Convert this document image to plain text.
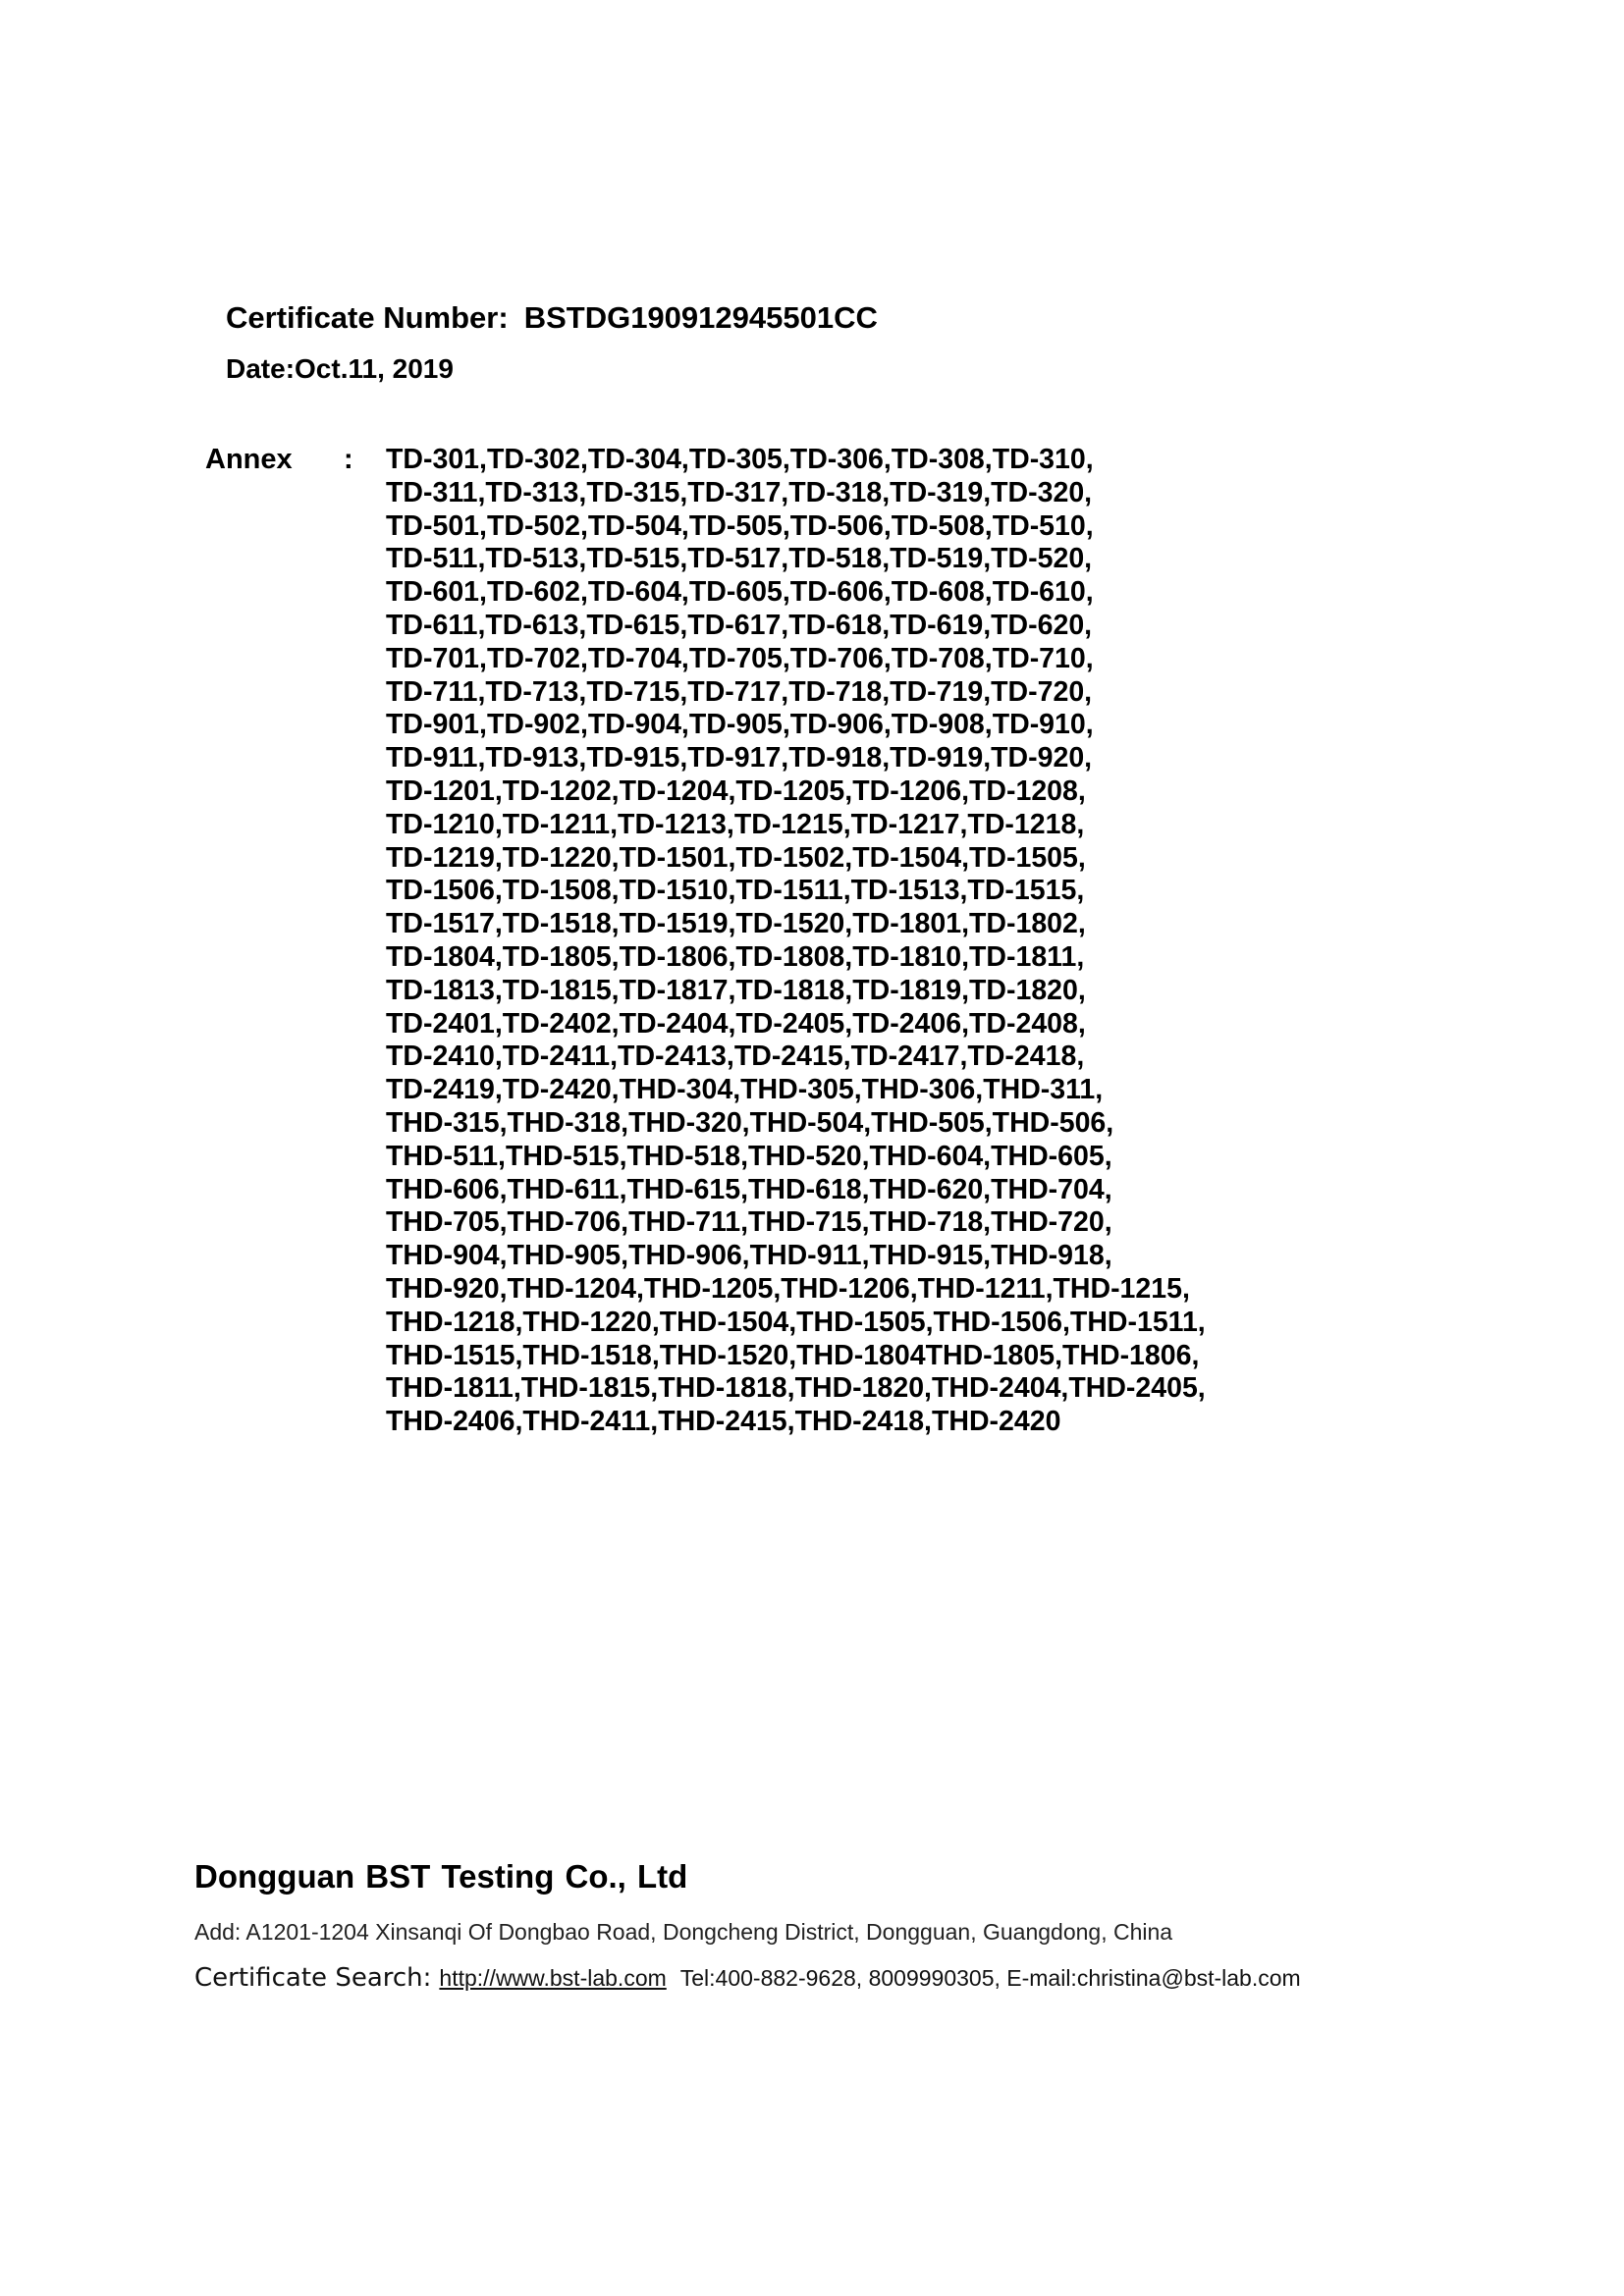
Certificate Number: BSTDG190912945501CC
Date:Oct.11, 2019
Annex : TD-301,TD-302,TD-304,TD-305,TD-306,TD-308,TD-310,
TD-311,TD-313,TD-315,TD-317,TD-318,TD-319,TD-320,
TD-501,TD-502,TD-504,TD-505,TD-506,TD-508,TD-510,
TD-511,TD-513,TD-515,TD-517,TD-518,TD-519,TD-520,
TD-601,TD-602,TD-604,TD-605,TD-606,TD-608,TD-610,
TD-611,TD-613,TD-615,TD-617,TD-618,TD-619,TD-620,
TD-701,TD-702,TD-704,TD-705,TD-706,TD-708,TD-710,
TD-711,TD-713,TD-715,TD-717,TD-718,TD-719,TD-720,
TD-901,TD-902,TD-904,TD-905,TD-906,TD-908,TD-910,
TD-911,TD-913,TD-915,TD-917,TD-918,TD-919,TD-920,
TD-1201,TD-1202,TD-1204,TD-1205,TD-1206,TD-1208,
TD-1210,TD-1211,TD-1213,TD-1215,TD-1217,TD-1218,
TD-1219,TD-1220,TD-1501,TD-1502,TD-1504,TD-1505,
TD-1506,TD-1508,TD-1510,TD-1511,TD-1513,TD-1515,
TD-1517,TD-1518,TD-1519,TD-1520,TD-1801,TD-1802,
TD-1804,TD-1805,TD-1806,TD-1808,TD-1810,TD-1811,
TD-1813,TD-1815,TD-1817,TD-1818,TD-1819,TD-1820,
TD-2401,TD-2402,TD-2404,TD-2405,TD-2406,TD-2408,
TD-2410,TD-2411,TD-2413,TD-2415,TD-2417,TD-2418,
TD-2419,TD-2420,THD-304,THD-305,THD-306,THD-311,
THD-315,THD-318,THD-320,THD-504,THD-505,THD-506,
THD-511,THD-515,THD-518,THD-520,THD-604,THD-605,
THD-606,THD-611,THD-615,THD-618,THD-620,THD-704,
THD-705,THD-706,THD-711,THD-715,THD-718,THD-720,
THD-904,THD-905,THD-906,THD-911,THD-915,THD-918,
THD-920,THD-1204,THD-1205,THD-1206,THD-1211,THD-1215,
THD-1218,THD-1220,THD-1504,THD-1505,THD-1506,THD-1511,
THD-1515,THD-1518,THD-1520,THD-1804THD-1805,THD-1806,
THD-1811,THD-1815,THD-1818,THD-1820,THD-2404,THD-2405,
THD-2406,THD-2411,THD-2415,THD-2418,THD-2420
Dongguan BST Testing Co., Ltd
Add: A1201-1204 Xinsanqi Of Dongbao Road, Dongcheng District, Dongguan, Guangdong, China
Certificate Search: http://www.bst-lab.com Tel:400-882-9628, 8009990305, E-mail:christina@bst-lab.com
